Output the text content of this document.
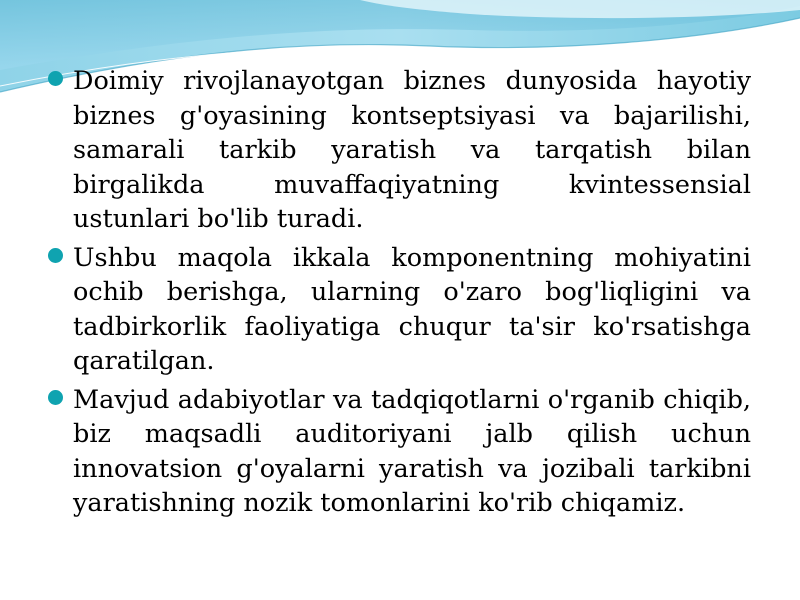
Doimiy rivojlanayotgan biznes dunyosida hayotiy biznes g'oyasining kontseptsiyasi va bajarilishi, samarali tarkib yaratish va tarqatish bilan birgalikda muvaffaqiyatning kvintessensial ustunlari bo'lib turadi.
Ushbu maqola ikkala komponentning mohiyatini ochib berishga, ularning o'zaro bog'liqligini va tadbirkorlik faoliyatiga chuqur ta'sir ko'rsatishga qaratilgan.
Mavjud adabiyotlar va tadqiqotlarni o'rganib chiqib, biz maqsadli auditoriyani jalb qilish uchun innovatsion g'oyalarni yaratish va jozibali tarkibni yaratishning nozik tomonlarini ko'rib chiqamiz.
